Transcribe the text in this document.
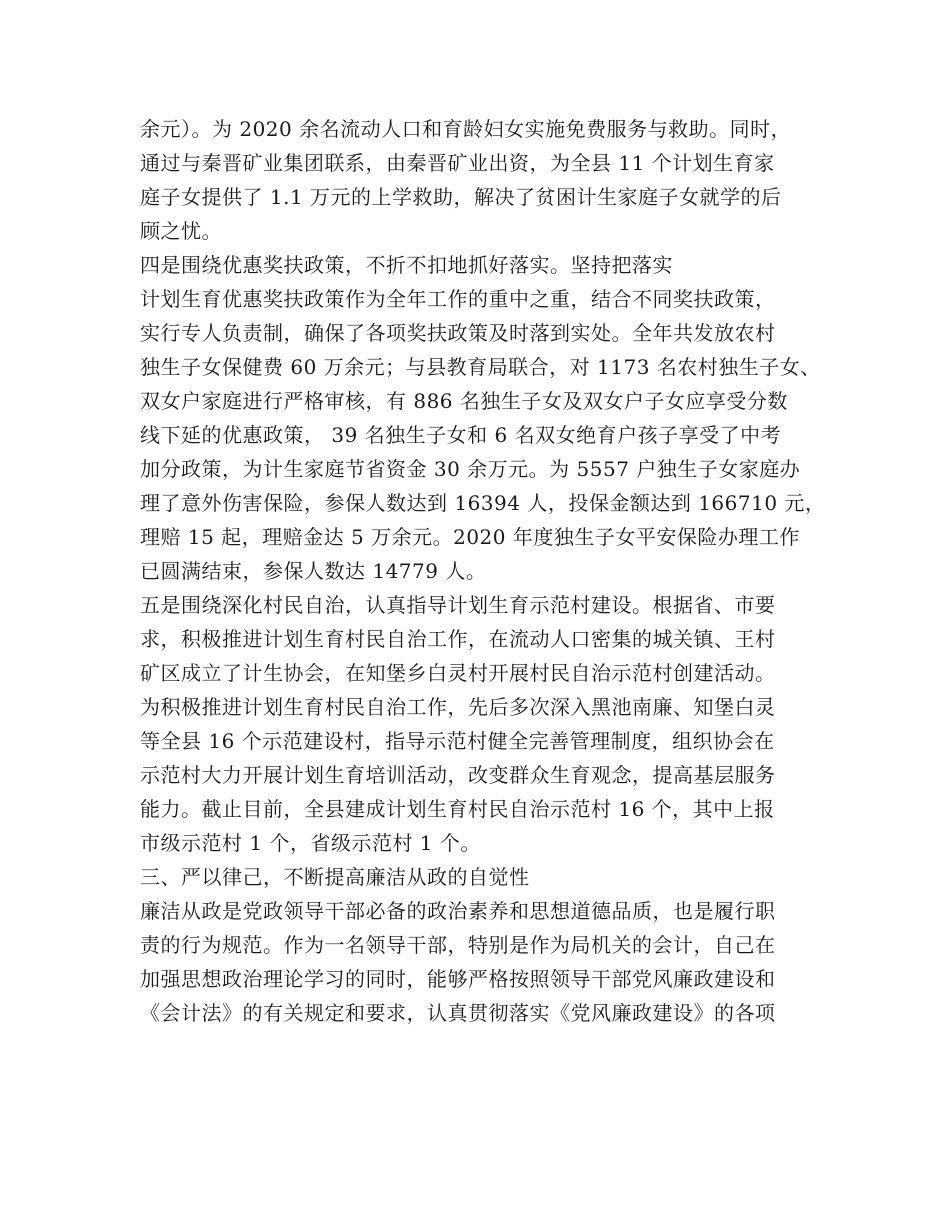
余元）。为 2020 余名流动人口和育龄妇女实施免费服务与救助。同时，
通过与秦晋矿业集团联系，由秦晋矿业出资，为全县 11 个计划生育家
庭子女提供了 1.1 万元的上学救助，解决了贫困计生家庭子女就学的后
顾之忧。
四是围绕优惠奖扶政策，不折不扣地抓好落实。坚持把落实
计划生育优惠奖扶政策作为全年工作的重中之重，结合不同奖扶政策，
实行专人负责制，确保了各项奖扶政策及时落到实处。全年共发放农村
独生子女保健费 60 万余元；与县教育局联合，对 1173 名农村独生子女、
双女户家庭进行严格审核，有 886 名独生子女及双女户子女应享受分数
线下延的优惠政策， 39 名独生子女和 6 名双女绝育户孩子享受了中考
加分政策，为计生家庭节省资金 30 余万元。为 5557 户独生子女家庭办
理了意外伤害保险，参保人数达到 16394 人，投保金额达到 166710 元，
理赔 15 起，理赔金达 5 万余元。2020 年度独生子女平安保险办理工作
已圆满结束，参保人数达 14779 人。
五是围绕深化村民自治，认真指导计划生育示范村建设。根据省、市要
求，积极推进计划生育村民自治工作，在流动人口密集的城关镇、王村
矿区成立了计生协会，在知堡乡白灵村开展村民自治示范村创建活动。
为积极推进计划生育村民自治工作，先后多次深入黑池南廉、知堡白灵
等全县 16 个示范建设村，指导示范村健全完善管理制度，组织协会在
示范村大力开展计划生育培训活动，改变群众生育观念，提高基层服务
能力。截止目前，全县建成计划生育村民自治示范村 16 个，其中上报
市级示范村 1 个，省级示范村 1 个。
三、严以律己，不断提高廉洁从政的自觉性
廉洁从政是党政领导干部必备的政治素养和思想道德品质，也是履行职
责的行为规范。作为一名领导干部，特别是作为局机关的会计，自己在
加强思想政治理论学习的同时，能够严格按照领导干部党风廉政建设和
《会计法》的有关规定和要求，认真贯彻落实《党风廉政建设》的各项
